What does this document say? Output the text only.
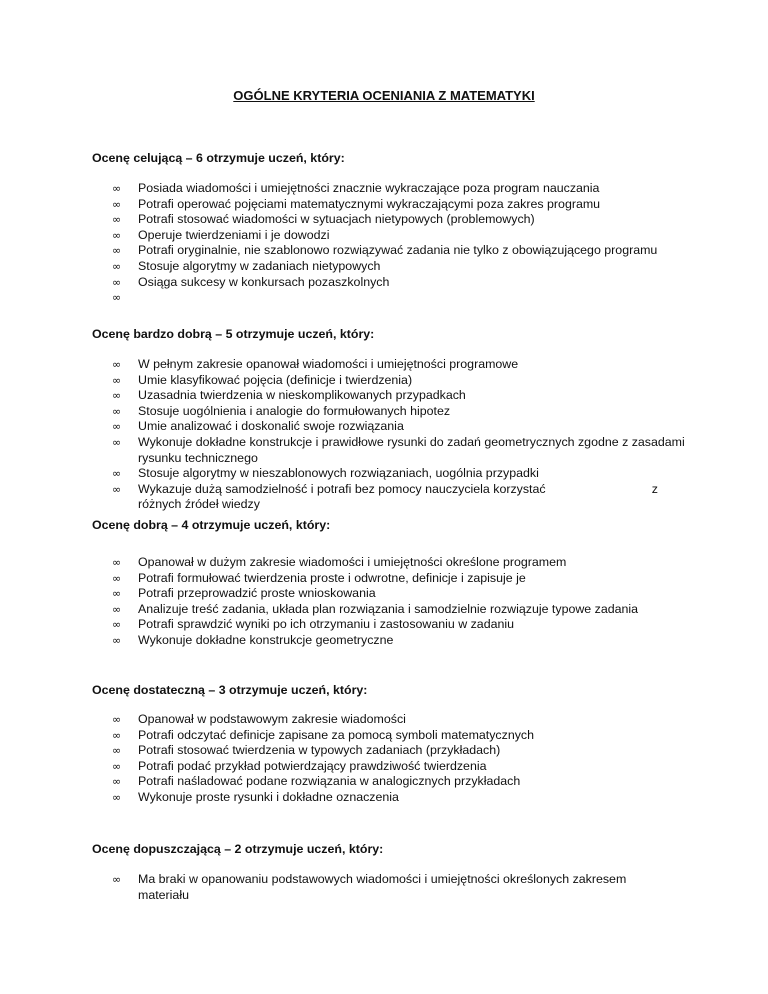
OGÓLNE KRYTERIA OCENIANIA Z MATEMATYKI
Ocenę celującą – 6 otrzymuje uczeń, który:
∞	Posiada wiadomości i umiejętności znacznie wykraczające poza program nauczania
∞	Potrafi operować pojęciami matematycznymi wykraczającymi poza zakres programu
∞	Potrafi stosować wiadomości w sytuacjach nietypowych (problemowych)
∞	Operuje twierdzeniami i je dowodzi
∞	Potrafi oryginalnie, nie szablonowo rozwiązywać zadania nie tylko z obowiązującego programu
∞	Stosuje algorytmy w zadaniach nietypowych
∞	Osiąga sukcesy w konkursach pozaszkolnych
∞
Ocenę bardzo dobrą – 5 otrzymuje uczeń, który:
∞	W pełnym zakresie opanował wiadomości i umiejętności programowe
∞	Umie klasyfikować pojęcia (definicje i twierdzenia)
∞	Uzasadnia twierdzenia w nieskomplikowanych przypadkach
∞	Stosuje uogólnienia i analogie do formułowanych hipotez
∞	Umie analizować i doskonalić swoje rozwiązania
∞	Wykonuje dokładne konstrukcje i prawidłowe rysunki do zadań geometrycznych zgodne z zasadami rysunku technicznego
∞	Stosuje algorytmy w nieszablonowych rozwiązaniach, uogólnia przypadki
∞	Wykazuje dużą samodzielność i potrafi bez pomocy nauczyciela korzystać	z
różnych źródeł wiedzy
Ocenę dobrą – 4 otrzymuje uczeń, który:
∞	Opanował w dużym zakresie wiadomości i umiejętności określone programem
∞	Potrafi formułować twierdzenia proste i odwrotne, definicje i zapisuje je
∞	Potrafi przeprowadzić proste wnioskowania
∞	Analizuje treść zadania, układa plan rozwiązania i samodzielnie rozwiązuje typowe zadania
∞	Potrafi sprawdzić wyniki po ich otrzymaniu i zastosowaniu w zadaniu
∞	Wykonuje dokładne konstrukcje geometryczne
Ocenę dostateczną – 3 otrzymuje uczeń, który:
∞	Opanował w podstawowym zakresie wiadomości
∞	Potrafi odczytać definicje zapisane za pomocą symboli matematycznych
∞	Potrafi stosować twierdzenia w typowych zadaniach (przykładach)
∞	Potrafi podać przykład potwierdzający prawdziwość twierdzenia
∞	Potrafi naśladować podane rozwiązania w analogicznych przykładach
∞	Wykonuje proste rysunki i dokładne oznaczenia
Ocenę dopuszczającą – 2 otrzymuje uczeń, który:
∞	Ma braki w opanowaniu podstawowych wiadomości i umiejętności określonych zakresem materiału
